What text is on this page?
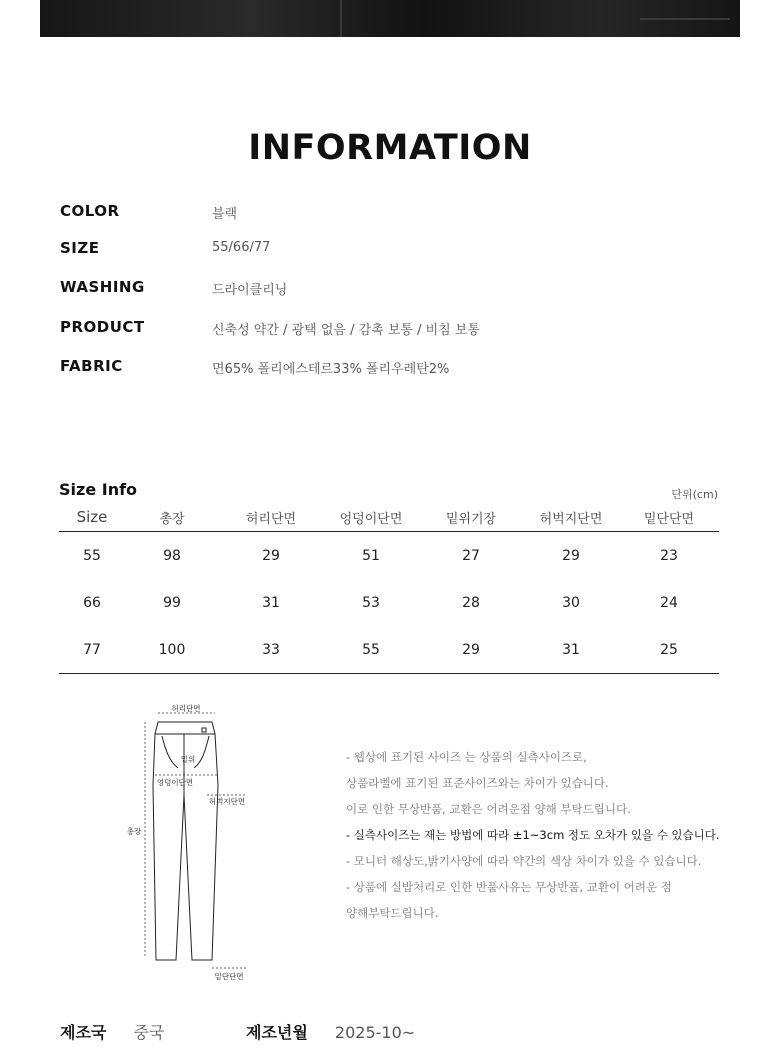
INFORMATION
COLOR	블랙
SIZE	55/66/77
WASHING	드라이클리닝
PRODUCT	신축성 약간 / 광택 없음 / 감촉 보통 / 비침 보통
FABRIC	면65% 폴리에스테르33% 폴리우레탄2%
Size Info	단위(cm)
Size	총장	허리단면	엉덩이단면	밑위기장	허벅지단면	밑단단면
55	98	29	51	27	29	23
66	99	31	53	28	30	24
77	100	33	55	29	31	25
허리단면
밑위
엉덩이단면
허벅지단면
총장
밑단단면
- 웹상에 표기된 사이즈 는 상품의 실측사이즈로,
상품라벨에 표기된 표준사이즈와는 차이가 있습니다.
이로 인한 무상반품, 교환은 어려운점 양해 부탁드립니다.
- 실측사이즈는 재는 방법에 따라 ±1~3cm 정도 오차가 있을 수 있습니다.
- 모니터 해상도,밝기사양에 따라 약간의 색상 차이가 있을 수 있습니다.
- 상품에 실밥처리로 인한 반품사유는 무상반품, 교환이 어려운 점
양해부탁드립니다.
제조국 중국	제조년월 2025-10~
